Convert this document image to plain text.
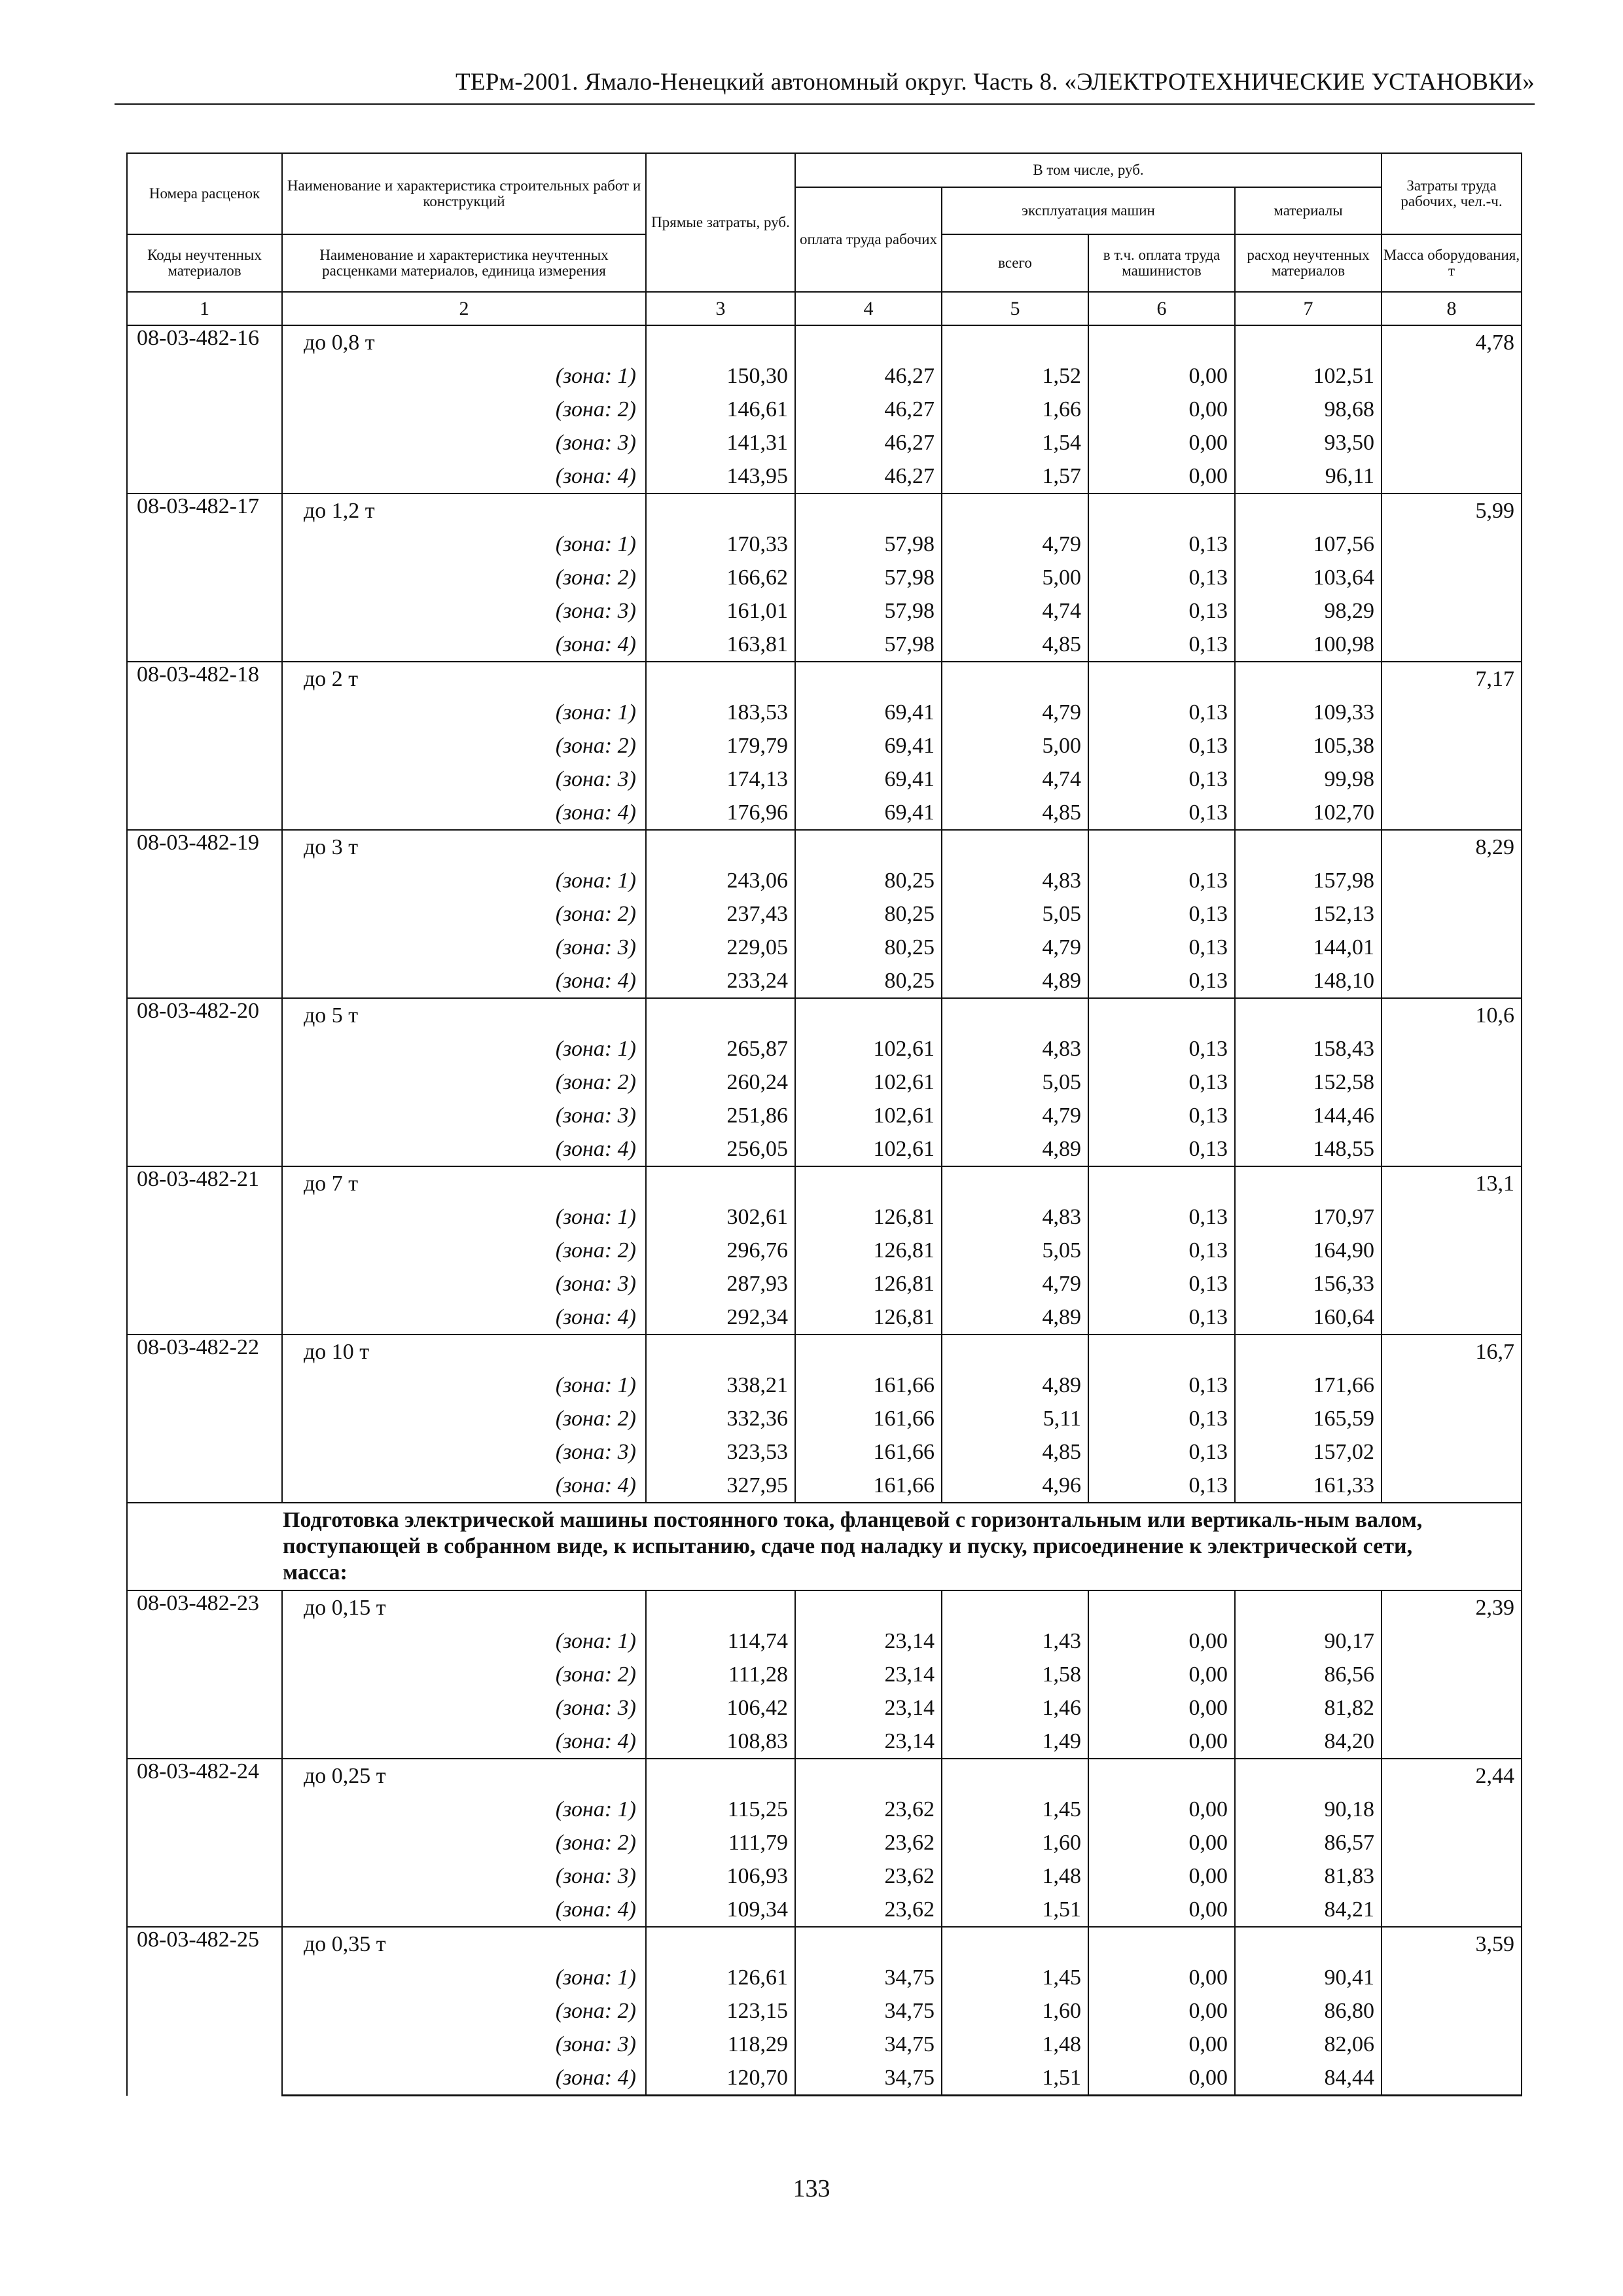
ТЕРм-2001. Ямало-Ненецкий автономный округ. Часть 8. «ЭЛЕКТРОТЕХНИЧЕСКИЕ УСТАНОВКИ»
Номера расценок	Наименование и характеристика строительных работ и конструкций	Прямые затраты, руб.	В том числе, руб.				Затраты труда рабочих, чел.-ч.
			оплата труда рабочих	эксплуатация машин		материалы	
Коды неучтенных материалов	Наименование и характеристика неучтенных расценками материалов, единица измерения			всего	в т.ч. оплата труда машинистов	расход неучтенных материалов	Масса оборудования, т
1	2	3	4	5	6	7	8
08-03-482-16	до 0,8 т						4,78
	(зона: 1)	150,30	46,27	1,52	0,00	102,51	
	(зона: 2)	146,61	46,27	1,66	0,00	98,68	
	(зона: 3)	141,31	46,27	1,54	0,00	93,50	
	(зона: 4)	143,95	46,27	1,57	0,00	96,11	
08-03-482-17	до 1,2 т						5,99
	(зона: 1)	170,33	57,98	4,79	0,13	107,56	
	(зона: 2)	166,62	57,98	5,00	0,13	103,64	
	(зона: 3)	161,01	57,98	4,74	0,13	98,29	
	(зона: 4)	163,81	57,98	4,85	0,13	100,98	
08-03-482-18	до 2 т						7,17
	(зона: 1)	183,53	69,41	4,79	0,13	109,33	
	(зона: 2)	179,79	69,41	5,00	0,13	105,38	
	(зона: 3)	174,13	69,41	4,74	0,13	99,98	
	(зона: 4)	176,96	69,41	4,85	0,13	102,70	
08-03-482-19	до 3 т						8,29
	(зона: 1)	243,06	80,25	4,83	0,13	157,98	
	(зона: 2)	237,43	80,25	5,05	0,13	152,13	
	(зона: 3)	229,05	80,25	4,79	0,13	144,01	
	(зона: 4)	233,24	80,25	4,89	0,13	148,10	
08-03-482-20	до 5 т						10,6
	(зона: 1)	265,87	102,61	4,83	0,13	158,43	
	(зона: 2)	260,24	102,61	5,05	0,13	152,58	
	(зона: 3)	251,86	102,61	4,79	0,13	144,46	
	(зона: 4)	256,05	102,61	4,89	0,13	148,55	
08-03-482-21	до 7 т						13,1
	(зона: 1)	302,61	126,81	4,83	0,13	170,97	
	(зона: 2)	296,76	126,81	5,05	0,13	164,90	
	(зона: 3)	287,93	126,81	4,79	0,13	156,33	
	(зона: 4)	292,34	126,81	4,89	0,13	160,64	
08-03-482-22	до 10 т						16,7
	(зона: 1)	338,21	161,66	4,89	0,13	171,66	
	(зона: 2)	332,36	161,66	5,11	0,13	165,59	
	(зона: 3)	323,53	161,66	4,85	0,13	157,02	
	(зона: 4)	327,95	161,66	4,96	0,13	161,33	
Подготовка электрической машины постоянного тока, фланцевой с горизонтальным или вертикаль-ным валом, поступающей в собранном виде, к испытанию, сдаче под наладку и пуску, присоединение к электрической сети, масса:							
08-03-482-23	до 0,15 т						2,39
	(зона: 1)	114,74	23,14	1,43	0,00	90,17	
	(зона: 2)	111,28	23,14	1,58	0,00	86,56	
	(зона: 3)	106,42	23,14	1,46	0,00	81,82	
	(зона: 4)	108,83	23,14	1,49	0,00	84,20	
08-03-482-24	до 0,25 т						2,44
	(зона: 1)	115,25	23,62	1,45	0,00	90,18	
	(зона: 2)	111,79	23,62	1,60	0,00	86,57	
	(зона: 3)	106,93	23,62	1,48	0,00	81,83	
	(зона: 4)	109,34	23,62	1,51	0,00	84,21	
08-03-482-25	до 0,35 т						3,59
	(зона: 1)	126,61	34,75	1,45	0,00	90,41	
	(зона: 2)	123,15	34,75	1,60	0,00	86,80	
	(зона: 3)	118,29	34,75	1,48	0,00	82,06	
	(зона: 4)	120,70	34,75	1,51	0,00	84,44	
133
